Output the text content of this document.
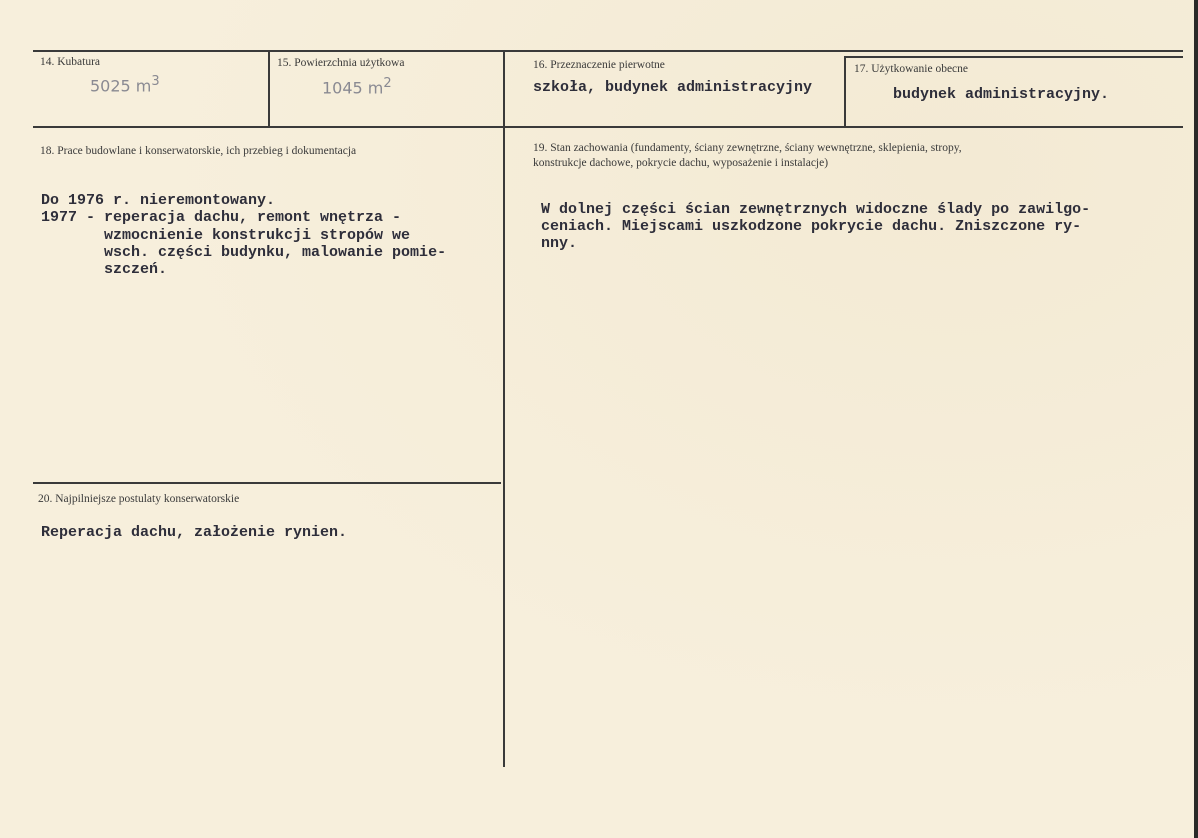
14. Kubatura
5025 $m^3$
15. Powierzchnia użytkowa
1045 $m^2$
16. Przeznaczenie pierwotne
szkoła, budynek administracyjny
17. Użytkowanie obecne
budynek administracyjny.
18. Prace budowlane i konserwatorskie, ich przebieg i dokumentacja
Do 1976 r. nieremontowany.
1977 - reperacja dachu, remont wnętrza -
wzmocnienie konstrukcji stropów we
wsch. części budynku, malowanie pomie-
szczeń.
19. Stan zachowania (fundamenty, ściany zewnętrzne, ściany wewnętrzne, sklepienia, stropy,
konstrukcje dachowe, pokrycie dachu, wyposażenie i instalacje)
W dolnej części ścian zewnętrznych widoczne ślady po zawilgo-
ceniach. Miejscami uszkodzone pokrycie dachu. Zniszczone ry-
nny.
20. Najpilniejsze postulaty konserwatorskie
Reperacja dachu, założenie rynien.
